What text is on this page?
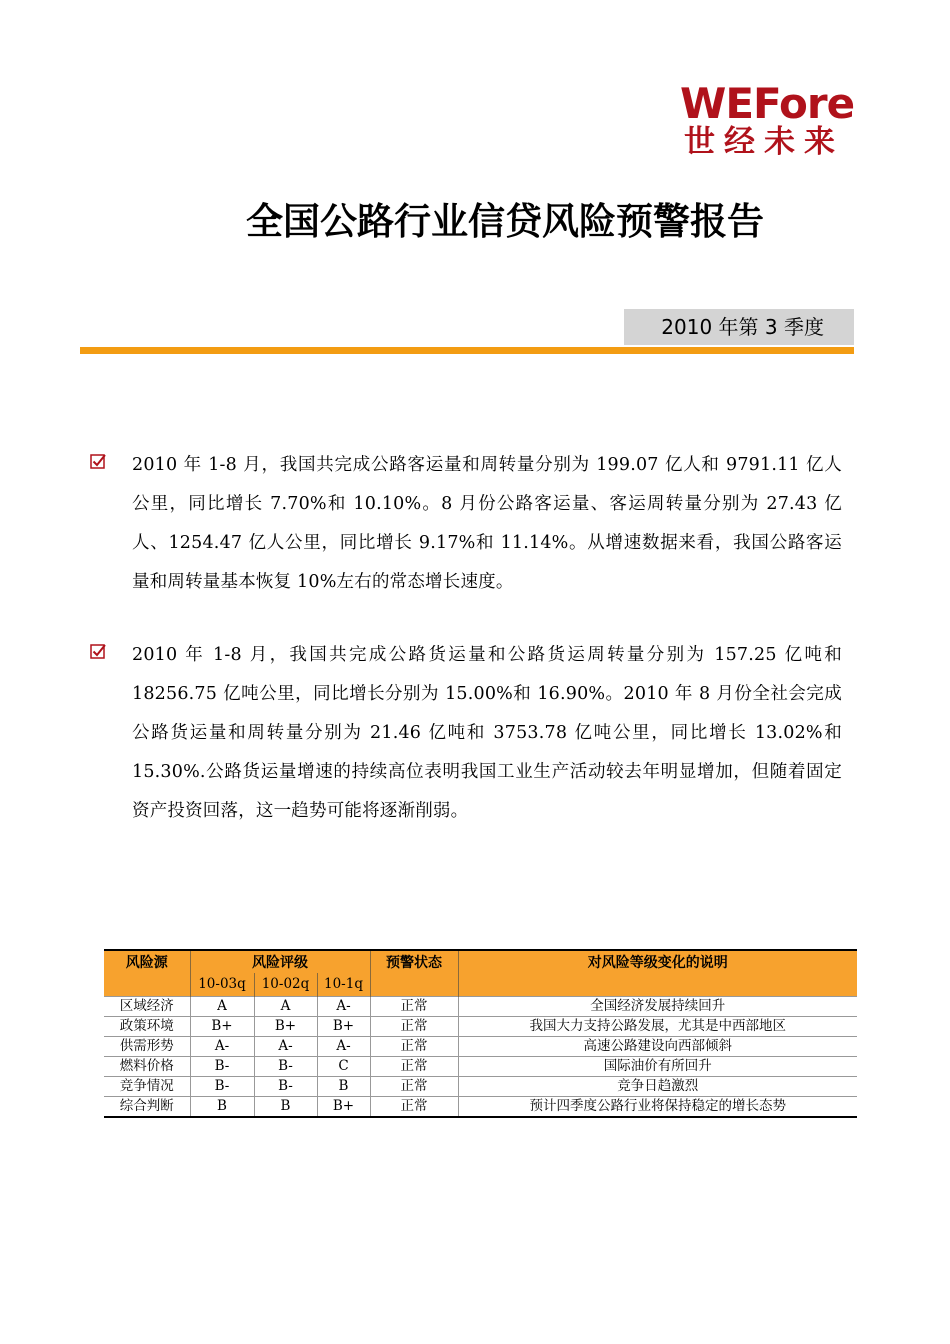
WEFore
世经未来
全国公路行业信贷风险预警报告
2010 年第 3 季度
2010 年 1-8 月，我国共完成公路客运量和周转量分别为 199.07 亿人和 9791.11 亿人公里，同比增长 7.70%和 10.10%。8 月份公路客运量、客运周转量分别为 27.43 亿人、1254.47 亿人公里，同比增长 9.17%和 11.14%。从增速数据来看，我国公路客运量和周转量基本恢复 10%左右的常态增长速度。
2010 年 1-8 月，我国共完成公路货运量和公路货运周转量分别为 157.25 亿吨和 18256.75 亿吨公里，同比增长分别为 15.00%和 16.90%。2010 年 8 月份全社会完成公路货运量和周转量分别为 21.46 亿吨和 3753.78 亿吨公里，同比增长 13.02%和 15.30%.公路货运量增速的持续高位表明我国工业生产活动较去年明显增加，但随着固定资产投资回落，这一趋势可能将逐渐削弱。
风险源	风险评级			预警状态	对风险等级变化的说明
	10-03q	10-02q	10-1q		
区域经济	A	A	A-	正常	全国经济发展持续回升
政策环境	B+	B+	B+	正常	我国大力支持公路发展，尤其是中西部地区
供需形势	A-	A-	A-	正常	高速公路建设向西部倾斜
燃料价格	B-	B-	C	正常	国际油价有所回升
竞争情况	B-	B-	B	正常	竞争日趋激烈
综合判断	B	B	B+	正常	预计四季度公路行业将保持稳定的增长态势
